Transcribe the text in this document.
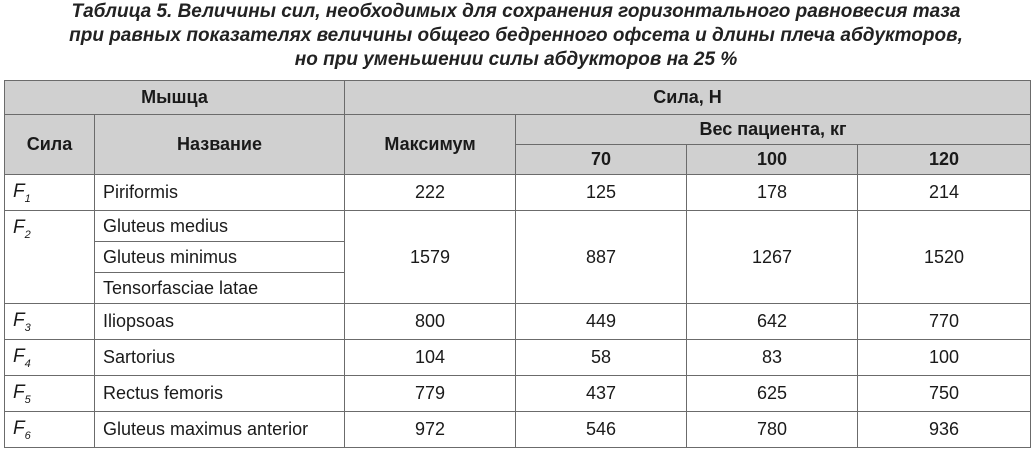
Таблица 5. Величины сил, необходимых для сохранения горизонтального равновесия таза
при равных показателях величины общего бедренного офсета и длины плеча абдукторов,
но при уменьшении силы абдукторов на 25 %
Мышца		Сила, Н			
Сила	Название	Максимум	Вес пациента, кг		
			70	100	120
$F_1$	Piriformis	222	125	178	214
$F_2$	Gluteus medius	1579	887	1267	1520
	Gluteus minimus				
	Tensorfasciae latae				
$F_3$	Iliopsoas	800	449	642	770
$F_4$	Sartorius	104	58	83	100
$F_5$	Rectus femoris	779	437	625	750
$F_6$	Gluteus maximus anterior	972	546	780	936
